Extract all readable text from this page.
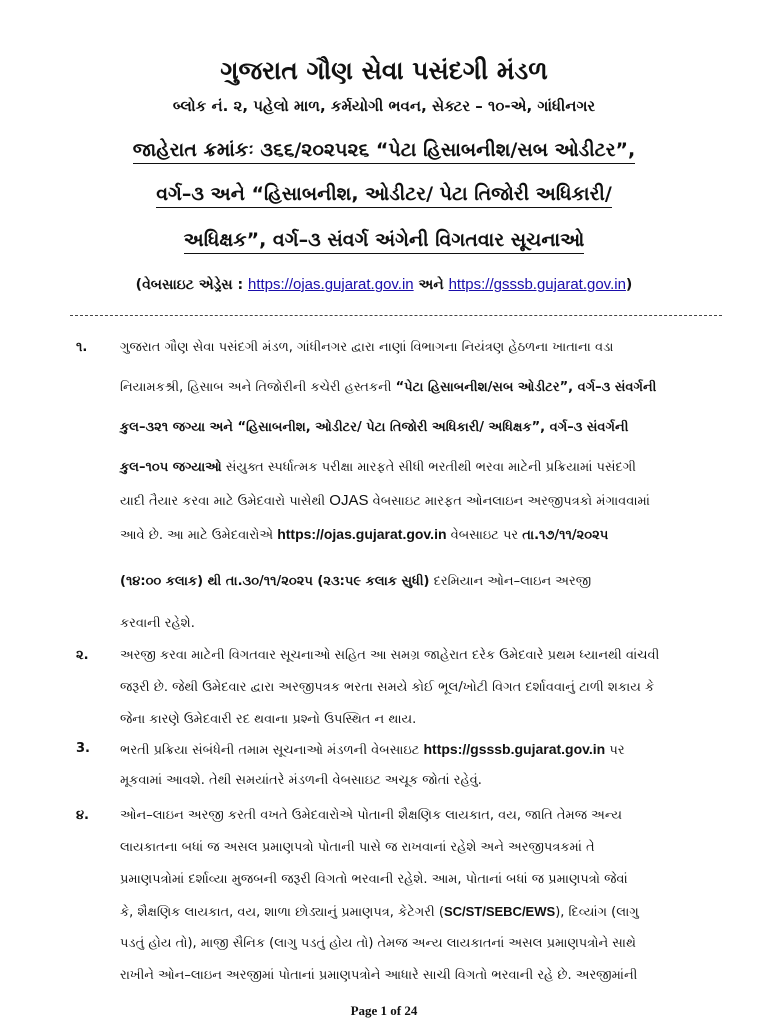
ગુજરાત ગૌણ સેવા પસંદગી મંડળ
બ્લોક નં. ૨, પહેલો માળ, કર્મયોગી ભવન, સેક્ટર – ૧૦-એ, ગાંધીનગર
જાહેરાત ક્રમાંકઃ ૩૬૬/૨૦૨૫૨૬ “પેટા હિસાબનીશ/સબ ઓડીટર”,
વર્ગ–૩ અને “હિસાબનીશ, ઓડીટર/ પેટા તિજોરી અધિકારી/
અધિક્ષક”, વર્ગ–૩ સંવર્ગ અંગેની વિગતવાર સૂચનાઓ
(વેબસાઇટ એડ્રેસ : https://ojas.gujarat.gov.in અને https://gsssb.gujarat.gov.in)
૧.	ગુજરાત ગૌણ સેવા પસંદગી મંડળ, ગાંધીનગર દ્વારા નાણાં વિભાગના નિયંત્રણ હેઠળના ખાતાના વડા
નિયામકશ્રી, હિસાબ અને તિજોરીની કચેરી હસ્તકની “પેટા હિસાબનીશ/સબ ઓડીટર”, વર્ગ–૩ સંવર્ગની
કુલ–૩૨૧ જગ્યા અને “હિસાબનીશ, ઓડીટર/ પેટા તિજોરી અધિકારી/ અધિક્ષક”, વર્ગ–૩ સંવર્ગની
કુલ–૧૦૫ જગ્યાઓ સંયુક્ત સ્પર્ધાત્મક પરીક્ષા મારફતે સીધી ભરતીથી ભરવા માટેની પ્રક્રિયામાં પસંદગી
યાદી તૈયાર કરવા માટે ઉમેદવારો પાસેથી OJAS વેબસાઇટ મારફત ઓનલાઇન અરજીપત્રકો મંગાવવામાં
આવે છે. આ માટે ઉમેદવારોએ https://ojas.gujarat.gov.in વેબસાઇટ પર તા.૧૭/૧૧/૨૦૨૫
(૧૪:૦૦ કલાક) થી તા.૩૦/૧૧/૨૦૨૫ (૨૩:૫૯ કલાક સુધી) દરમિયાન ઓન–લાઇન અરજી
કરવાની રહેશે.
૨. અરજી કરવા માટેની વિગતવાર સૂચનાઓ સહિત આ સમગ્ર જાહેરાત દરેક ઉમેદવારે પ્રથમ ધ્યાનથી વાંચવી
જરૂરી છે. જેથી ઉમેદવાર દ્વારા અરજીપત્રક ભરતા સમયે કોઈ ભૂલ/ખોટી વિગત દર્શાવવાનું ટાળી શકાય કે
જેના કારણે ઉમેદવારી રદ થવાના પ્રશ્નો ઉપસ્થિત ન થાય.
3. ભરતી પ્રક્રિયા સંબંધેની તમામ સૂચનાઓ મંડળની વેબસાઇટ https://gsssb.gujarat.gov.in પર
મૂકવામાં આવશે. તેથી સમયાંતરે મંડળની વેબસાઇટ અચૂક જોતાં રહેવું.
૪. ઓન–લાઇન અરજી કરતી વખતે ઉમેદવારોએ પોતાની શૈક્ષણિક લાયકાત, વય, જાતિ તેમજ અન્ય
લાયકાતના બધાં જ અસલ પ્રમાણપત્રો પોતાની પાસે જ રાખવાનાં રહેશે અને અરજીપત્રકમાં તે
પ્રમાણપત્રોમાં દર્શાવ્યા મુજબની જરૂરી વિગતો ભરવાની રહેશે. આમ, પોતાનાં બધાં જ પ્રમાણપત્રો જેવાં
કે, શૈક્ષણિક લાયકાત, વય, શાળા છોડ્યાનું પ્રમાણપત્ર, કેટેગરી (SC/ST/SEBC/EWS), દિવ્યાંગ (લાગુ
પડતું હોય તો), માજી સૈનિક (લાગુ પડતું હોય તો) તેમજ અન્ય લાયકાતનાં અસલ પ્રમાણપત્રોને સાથે
રાખીને ઓન–લાઇન અરજીમાં પોતાનાં પ્રમાણપત્રોને આધારે સાચી વિગતો ભરવાની રહે છે. અરજીમાંની
Page 1 of 24
